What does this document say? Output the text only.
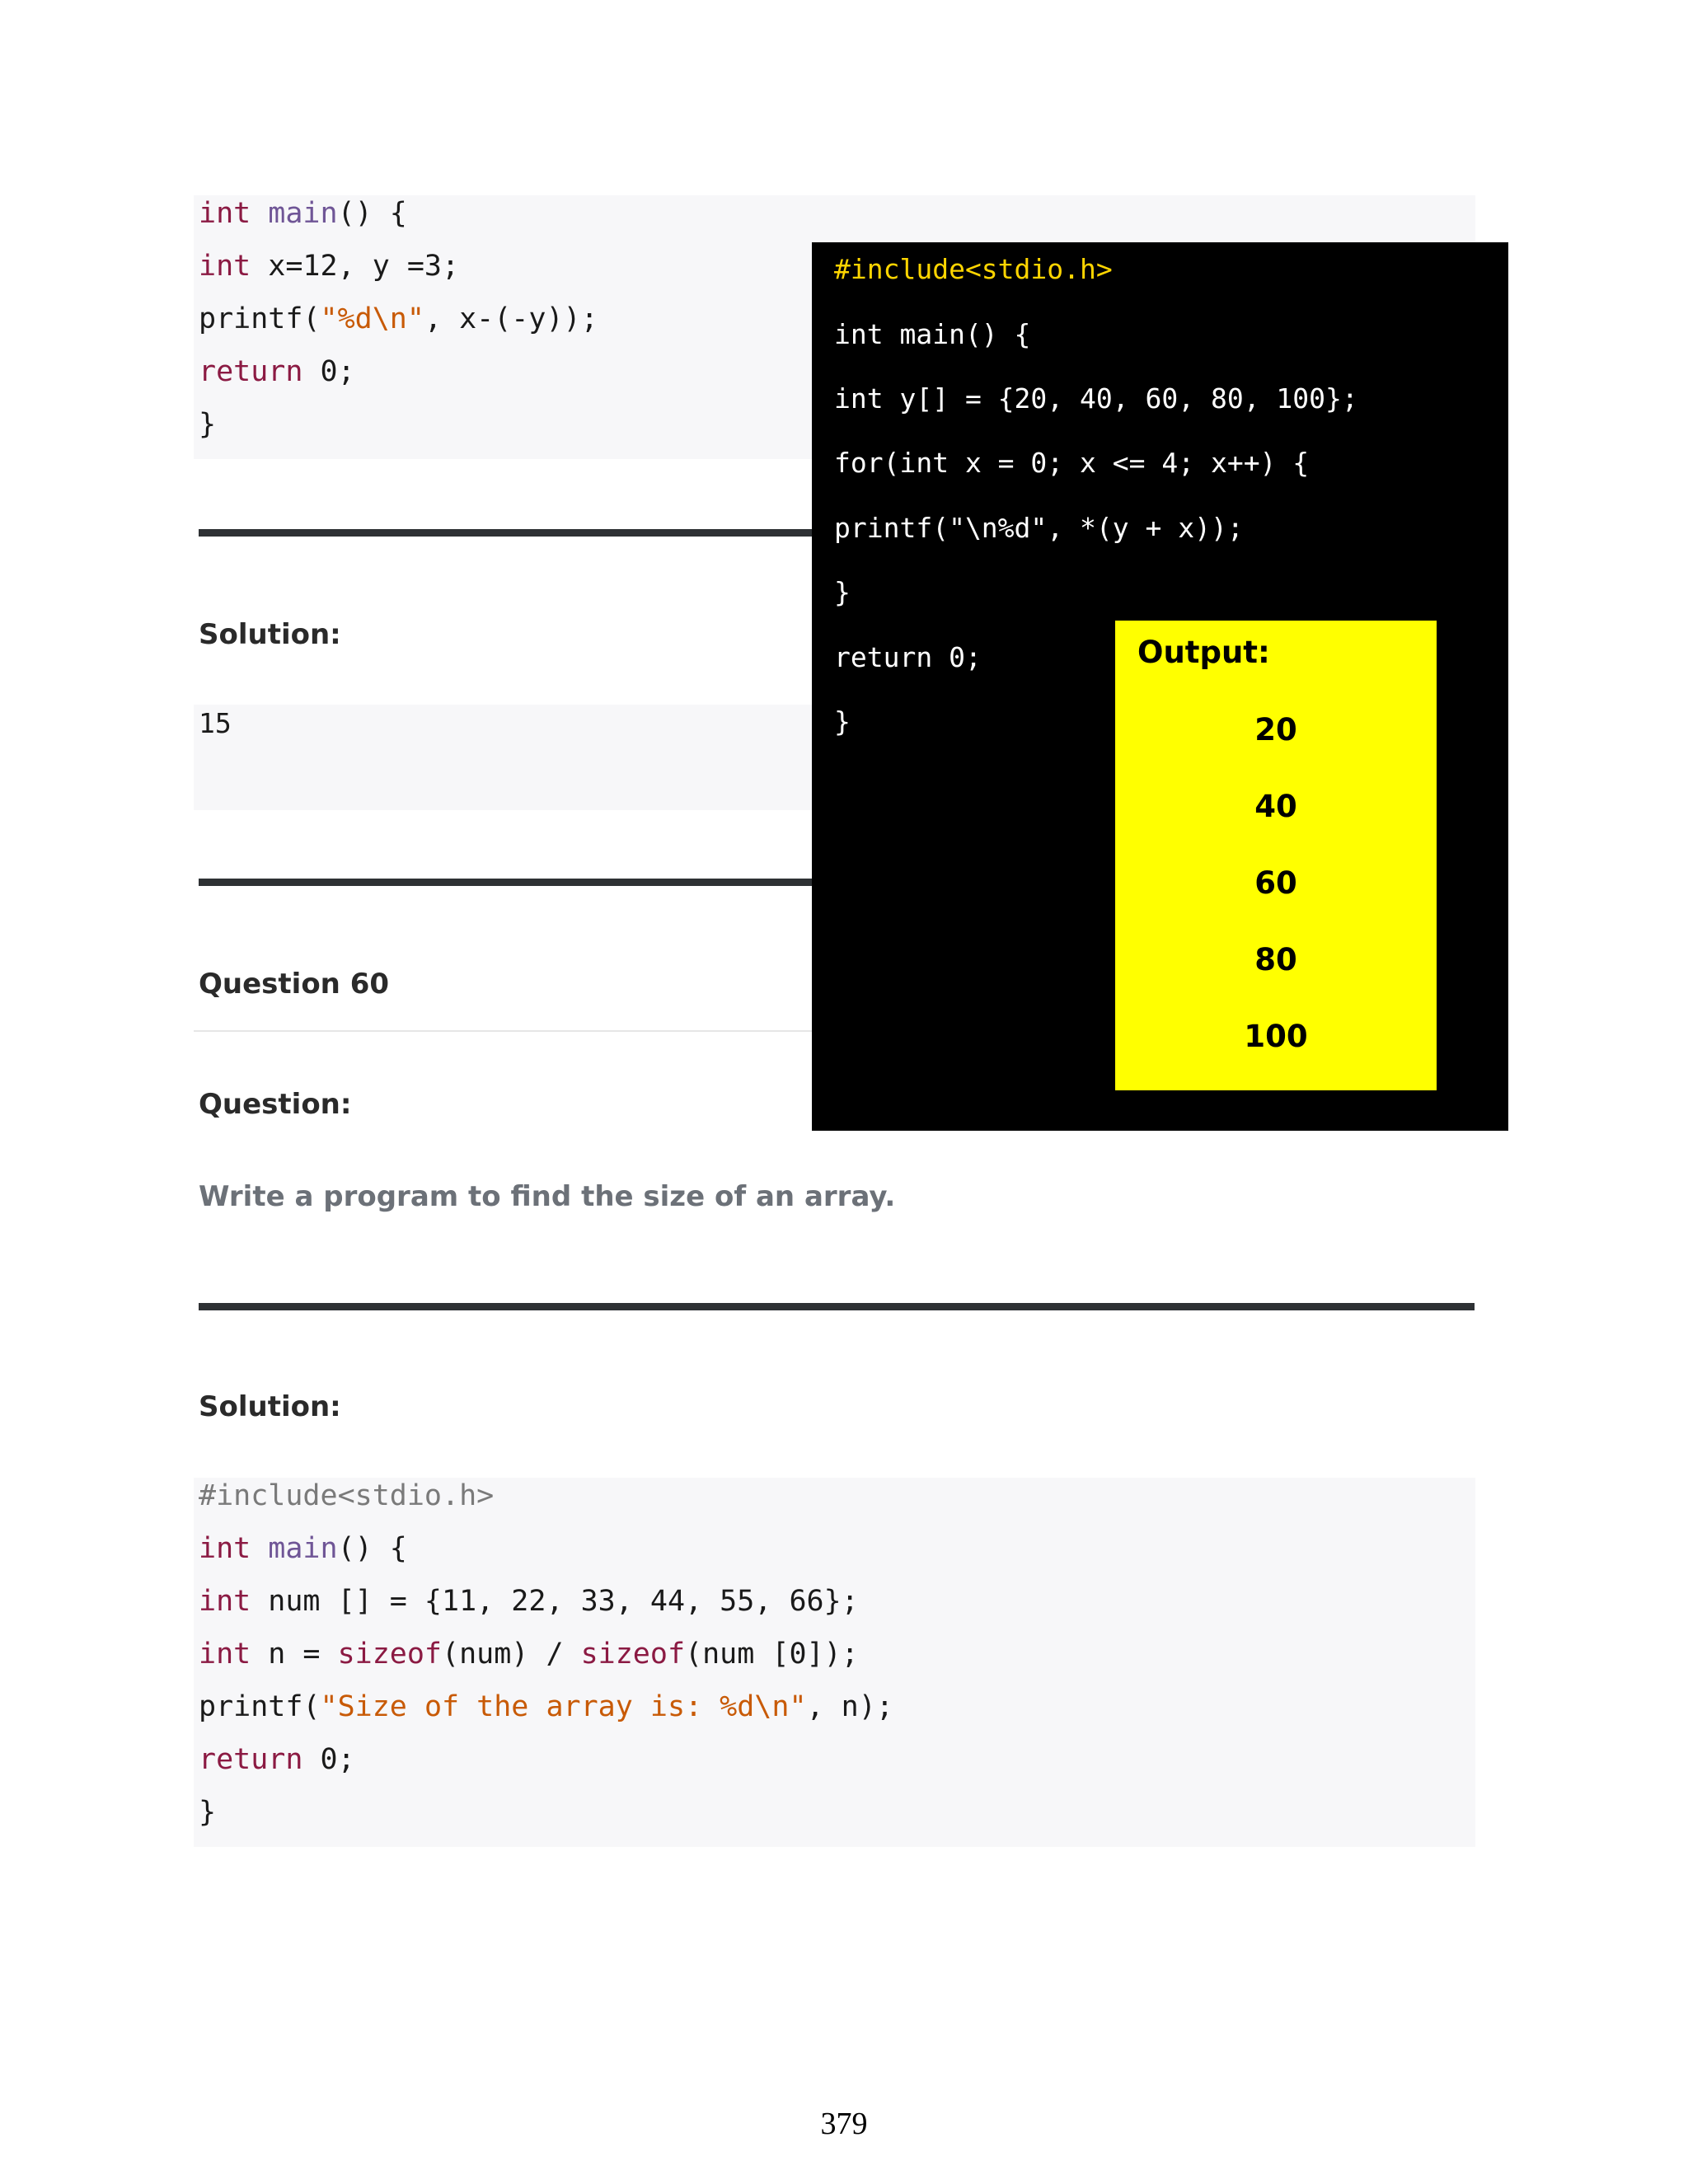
int main() {
int x=12, y =3;
printf("%d\n", x-(-y));
return 0;
}
Solution:
15
Question 60
Question:
Write a program to find the size of an array.
Solution:
#include<stdio.h>
int main() {
int num [] = {11, 22, 33, 44, 55, 66};
int n = sizeof(num) / sizeof(num [0]);
printf("Size of the array is: %d\n", n);
return 0;
}
#include<stdio.h>
int main() {
int y[] = {20, 40, 60, 80, 100};
for(int x = 0; x <= 4; x++) {
printf("\n%d", *(y + x));
}
return 0;
}
Output:
20
40
60
80
100
379
